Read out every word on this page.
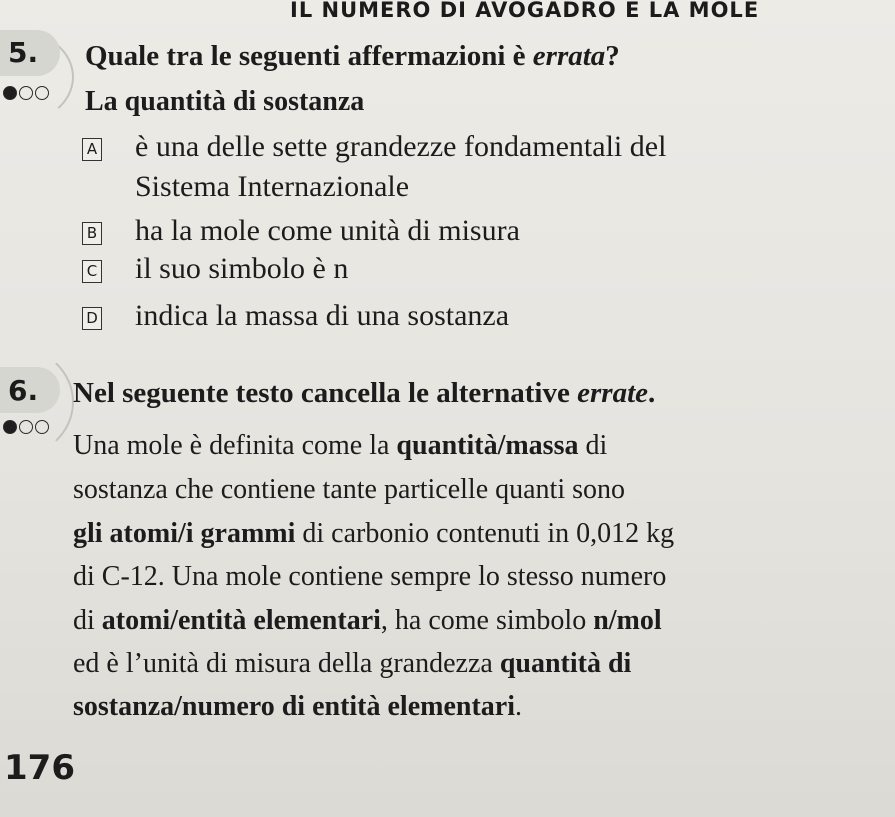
IL NUMERO DI AVOGADRO E LA MOLE
5. Quale tra le seguenti affermazioni è errata?
La quantità di sostanza
A è una delle sette grandezze fondamentali del
Sistema Internazionale
B ha la mole come unità di misura
C il suo simbolo è n
D indica la massa di una sostanza
6. Nel seguente testo cancella le alternative errate.
Una mole è definita come la quantità/massa di
sostanza che contiene tante particelle quanti sono
gli atomi/i grammi di carbonio contenuti in 0,012 kg
di C-12. Una mole contiene sempre lo stesso numero
di atomi/entità elementari, ha come simbolo n/mol
ed è l’unità di misura della grandezza quantità di
sostanza/numero di entità elementari.
176
